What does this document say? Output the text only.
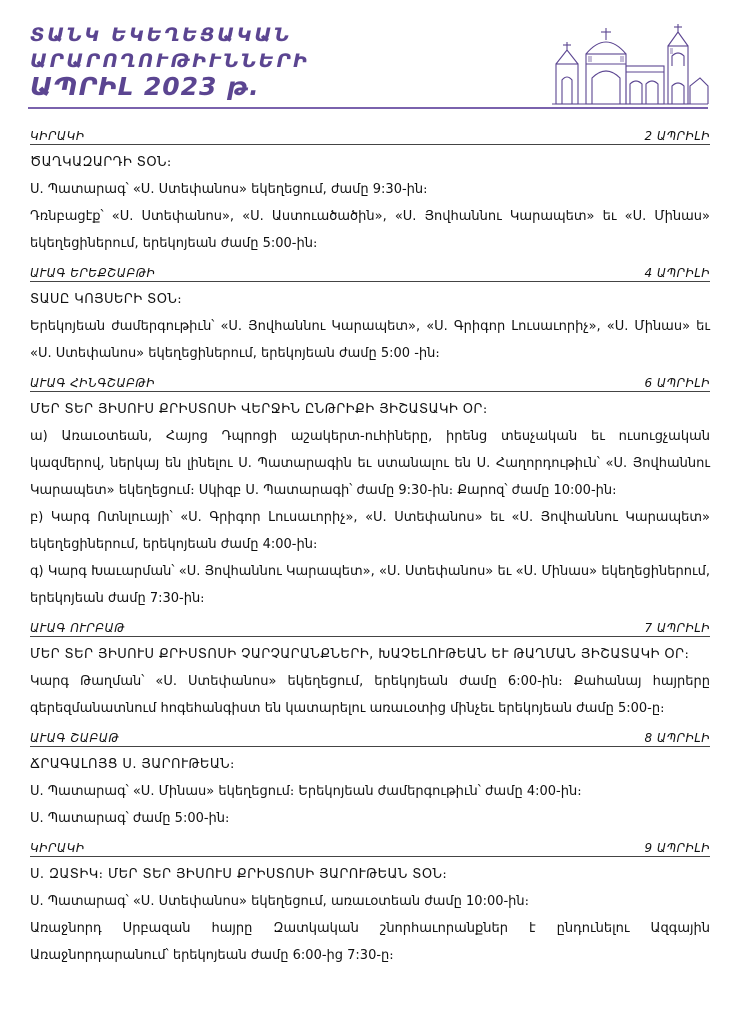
ՏԱՆԿ ԵԿԵՂԵՑԱԿԱՆ
ԱՐԱՐՈՂՈՒԹԻՒՆՆԵՐԻ
ԱՊՐԻԼ 2023 թ.
ԿԻՐԱԿԻ	2 ԱՊՐԻԼԻ
ԾԱՂԿԱԶԱՐԴԻ ՏՕՆ։
Ս. Պատարագ՝ «Ս. Ստեփանոս» եկեղեցում, ժամը 9:30-ին։
Դռնբացէք՝ «Ս. Ստեփանոս», «Ս. Աստուածածին», «Ս. Յովհաննու Կարապետ» եւ «Ս. Մինաս» եկեղեցիներում, երեկոյեան ժամը 5:00-ին։
ԱՒԱԳ ԵՐԵՔՇԱԲԹԻ	4 ԱՊՐԻԼԻ
ՏԱՍԸ ԿՈՅՍԵՐԻ ՏՕՆ։
Երեկոյեան ժամերգութիւն՝ «Ս. Յովհաննու Կարապետ», «Ս. Գրիգոր Լուսաւորիչ», «Ս. Մինաս» եւ «Ս. Ստեփանոս» եկեղեցիներում, երեկոյեան ժամը 5:00 -ին։
ԱՒԱԳ ՀԻՆԳՇԱԲԹԻ	6 ԱՊՐԻԼԻ
ՄԵՐ ՏԵՐ ՅԻՍՈՒՍ ՔՐԻՍՏՈՍԻ ՎԵՐՋԻՆ ԸՆԹՐԻՔԻ ՅԻՇԱՏԱԿԻ ՕՐ։
ա) Առաւօտեան, Հայոց Դպրոցի աշակերտ-ուհիները, իրենց տեսչական եւ ուսուցչական կազմերով, ներկայ են լինելու Ս. Պատարագին եւ ստանալու են Ս. Հաղորդութիւն՝ «Ս. Յովհաննու Կարապետ» եկեղեցում։ Սկիզբ Ս. Պատարագի՝ ժամը 9:30-ին։ Քարոզ՝ ժամը 10:00-ին։
բ) Կարգ Ոտնլուայի՝ «Ս. Գրիգոր Լուսաւորիչ», «Ս. Ստեփանոս» եւ «Ս. Յովհաննու Կարապետ» եկեղեցիներում, երեկոյեան ժամը 4:00-ին։
գ) Կարգ Խաւարման՝ «Ս. Յովհաննու Կարապետ», «Ս. Ստեփանոս» եւ «Ս. Մինաս» եկեղեցիներում, երեկոյեան ժամը 7:30-ին։
ԱՒԱԳ ՈՒՐԲԱԹ	7 ԱՊՐԻԼԻ
ՄԵՐ ՏԵՐ ՅԻՍՈՒՍ ՔՐԻՍՏՈՍԻ ՉԱՐՉԱՐԱՆՔՆԵՐԻ, ԽԱՉԵԼՈՒԹԵԱՆ ԵՒ ԹԱՂՄԱՆ ՅԻՇԱՏԱԿԻ ՕՐ։
Կարգ Թաղման՝ «Ս. Ստեփանոս» եկեղեցում, երեկոյեան ժամը 6:00-ին։ Քահանայ հայրերը գերեզմանատնում հոգեհանգիստ են կատարելու առաւօտից մինչեւ երեկոյեան ժամը 5:00-ը։
ԱՒԱԳ ՇԱԲԱԹ	8 ԱՊՐԻԼԻ
ՃՐԱԳԱԼՈՅՑ Ս. ՅԱՐՈՒԹԵԱՆ։
Ս. Պատարագ՝ «Ս. Մինաս» եկեղեցում։ Երեկոյեան ժամերգութիւն՝ ժամը 4:00-ին։
Ս. Պատարագ՝ ժամը 5:00-ին։
ԿԻՐԱԿԻ	9 ԱՊՐԻԼԻ
Ս. ԶԱՏԻԿ։ ՄԵՐ ՏԵՐ ՅԻՍՈՒՍ ՔՐԻՍՏՈՍԻ ՅԱՐՈՒԹԵԱՆ ՏՕՆ։
Ս. Պատարագ՝ «Ս. Ստեփանոս» եկեղեցում, առաւօտեան ժամը 10:00-ին։
Առաջնորդ Սրբազան հայրը Զատկական շնորհաւորանքներ է ընդունելու Ազգային Առաջնորդարանում՝ երեկոյեան ժամը 6:00-ից 7:30-ը։
